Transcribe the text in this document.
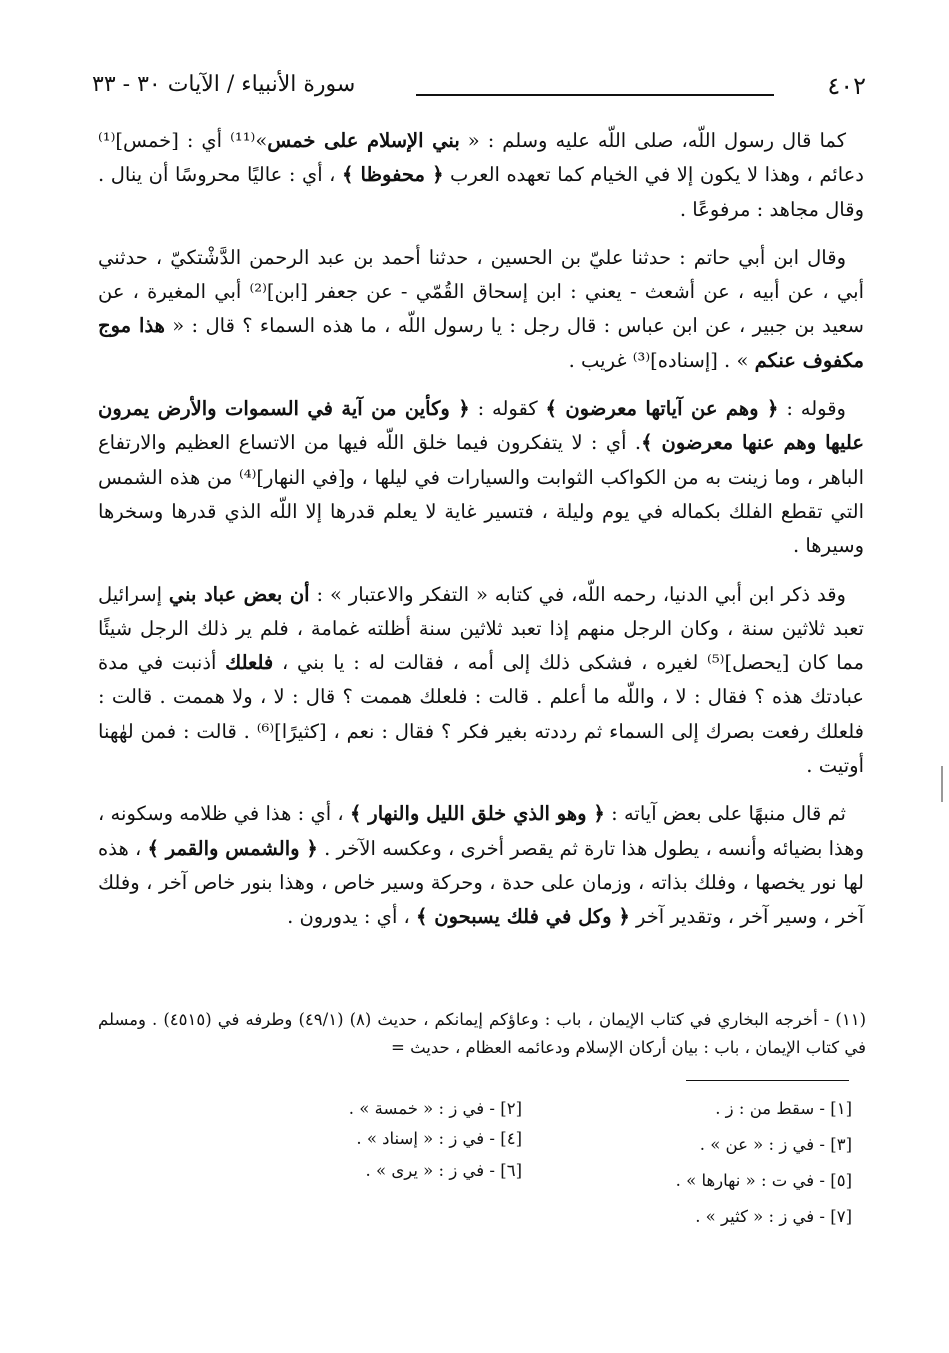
٤٠٢
سورة الأنبياء / الآيات ٣٠ - ٣٣

كما قال رسول اللّه، صلى اللّه عليه وسلم : « بني الإسلام على خمس»⁽¹¹⁾ أي : [خمس]⁽¹⁾ دعائم ، وهذا لا يكون إلا في الخيام كما تعهده العرب ﴿ محفوظا ﴾ ، أي : عاليًا محروسًا أن ينال . وقال مجاهد : مرفوعًا .

وقال ابن أبي حاتم : حدثنا عليّ بن الحسين ، حدثنا أحمد بن عبد الرحمن الدَّشْتكيّ ، حدثني أبي ، عن أبيه ، عن أشعث - يعني : ابن إسحاق القُمّي - عن جعفر [ابن]⁽²⁾ أبي المغيرة ، عن سعيد بن جبير ، عن ابن عباس : قال رجل : يا رسول اللّه ، ما هذه السماء ؟ قال : « هذا موج مكفوف عنكم » . [إسناده]⁽³⁾ غريب .

وقوله : ﴿ وهم عن آياتها معرضون ﴾ كقوله : ﴿ وكأين من آية في السموات والأرض يمرون عليها وهم عنها معرضون ﴾. أي : لا يتفكرون فيما خلق اللّه فيها من الاتساع العظيم والارتفاع الباهر ، وما زينت به من الكواكب الثوابت والسيارات في ليلها ، و[في النهار]⁽⁴⁾ من هذه الشمس التي تقطع الفلك بكماله في يوم وليلة ، فتسير غاية لا يعلم قدرها إلا اللّه الذي قدرها وسخرها وسيرها .

وقد ذكر ابن أبي الدنيا، رحمه اللّه، في كتابه « التفكر والاعتبار » : أن بعض عباد بني إسرائيل تعبد ثلاثين سنة ، وكان الرجل منهم إذا تعبد ثلاثين سنة أظلته غمامة ، فلم ير ذلك الرجل شيئًا مما كان [يحصل]⁽⁵⁾ لغيره ، فشكى ذلك إلى أمه ، فقالت له : يا بني ، فلعلك أذنبت في مدة عبادتك هذه ؟ فقال : لا ، واللّه ما أعلم . قالت : فلعلك هممت ؟ قال : لا ، ولا هممت . قالت : فلعلك رفعت بصرك إلى السماء ثم رددته بغير فكر ؟ فقال : نعم ، [كثيرًا]⁽⁶⁾ . قالت : فمن لهٰهنا أوتيت .

ثم قال منبهًا على بعض آياته : ﴿ وهو الذي خلق الليل والنهار ﴾ ، أي : هذا في ظلامه وسكونه ، وهذا بضيائه وأنسه ، يطول هذا تارة ثم يقصر أخرى ، وعكسه الآخر . ﴿ والشمس والقمر ﴾ ، هذه لها نور يخصها ، وفلك بذاته ، وزمان على حدة ، وحركة وسير خاص ، وهذا بنور خاص آخر ، وفلك آخر ، وسير آخر ، وتقدير آخر ﴿ وكل في فلك يسبحون ﴾ ، أي : يدورون .

(١١) - أخرجه البخاري في كتاب الإيمان ، باب : وعاؤكم إيمانكم ، حديث (٨) (٤٩/١) وطرفه في (٤٥١٥) . ومسلم في كتاب الإيمان ، باب : بيان أركان الإسلام ودعائمه العظام ، حديث =
[١] - سقط من : ز .
[٢] - في ز : « خمسة » .
[٣] - في ز : « عن » .
[٤] - في ز : « إسناد » .
[٥] - في ت : « نهارها » .
[٦] - في ز : « يرى » .
[٧] - في ز : « كثير » .
